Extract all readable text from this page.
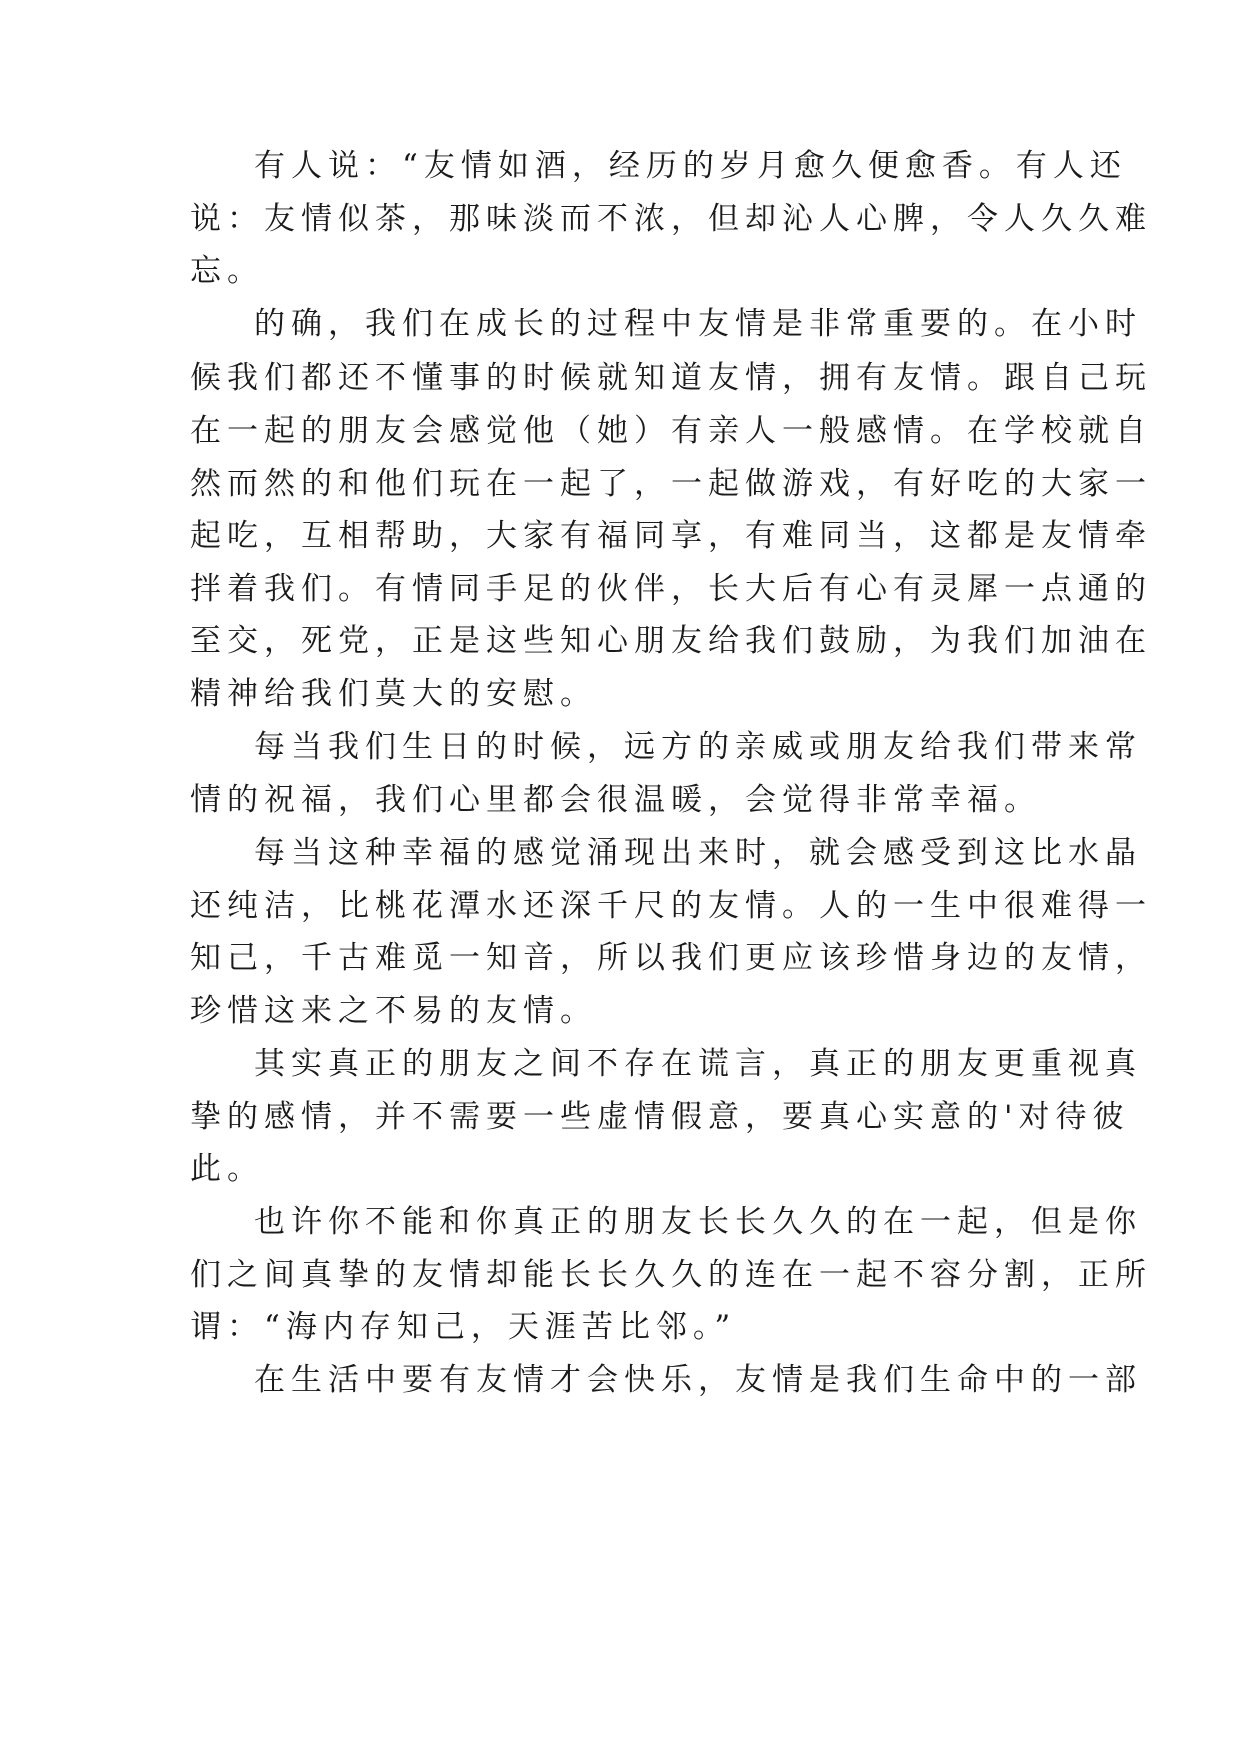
有人说：“友情如酒，经历的岁月愈久便愈香。有人还

说：友情似茶，那味淡而不浓，但却沁人心脾，令人久久难

忘。

的确，我们在成长的过程中友情是非常重要的。在小时

候我们都还不懂事的时候就知道友情，拥有友情。跟自己玩

在一起的朋友会感觉他（她）有亲人一般感情。在学校就自

然而然的和他们玩在一起了，一起做游戏，有好吃的大家一

起吃，互相帮助，大家有福同享，有难同当，这都是友情牵

拌着我们。有情同手足的伙伴，长大后有心有灵犀一点通的

至交，死党，正是这些知心朋友给我们鼓励，为我们加油在

精神给我们莫大的安慰。

每当我们生日的时候，远方的亲威或朋友给我们带来常

情的祝福，我们心里都会很温暖，会觉得非常幸福。

每当这种幸福的感觉涌现出来时，就会感受到这比水晶

还纯洁，比桃花潭水还深千尺的友情。人的一生中很难得一

知己，千古难觅一知音，所以我们更应该珍惜身边的友情，

珍惜这来之不易的友情。

其实真正的朋友之间不存在谎言，真正的朋友更重视真

挚的感情，并不需要一些虚情假意，要真心实意的'对待彼

此。

也许你不能和你真正的朋友长长久久的在一起，但是你

们之间真挚的友情却能长长久久的连在一起不容分割，正所

谓：“海内存知己，天涯苦比邻。”

在生活中要有友情才会快乐，友情是我们生命中的一部
